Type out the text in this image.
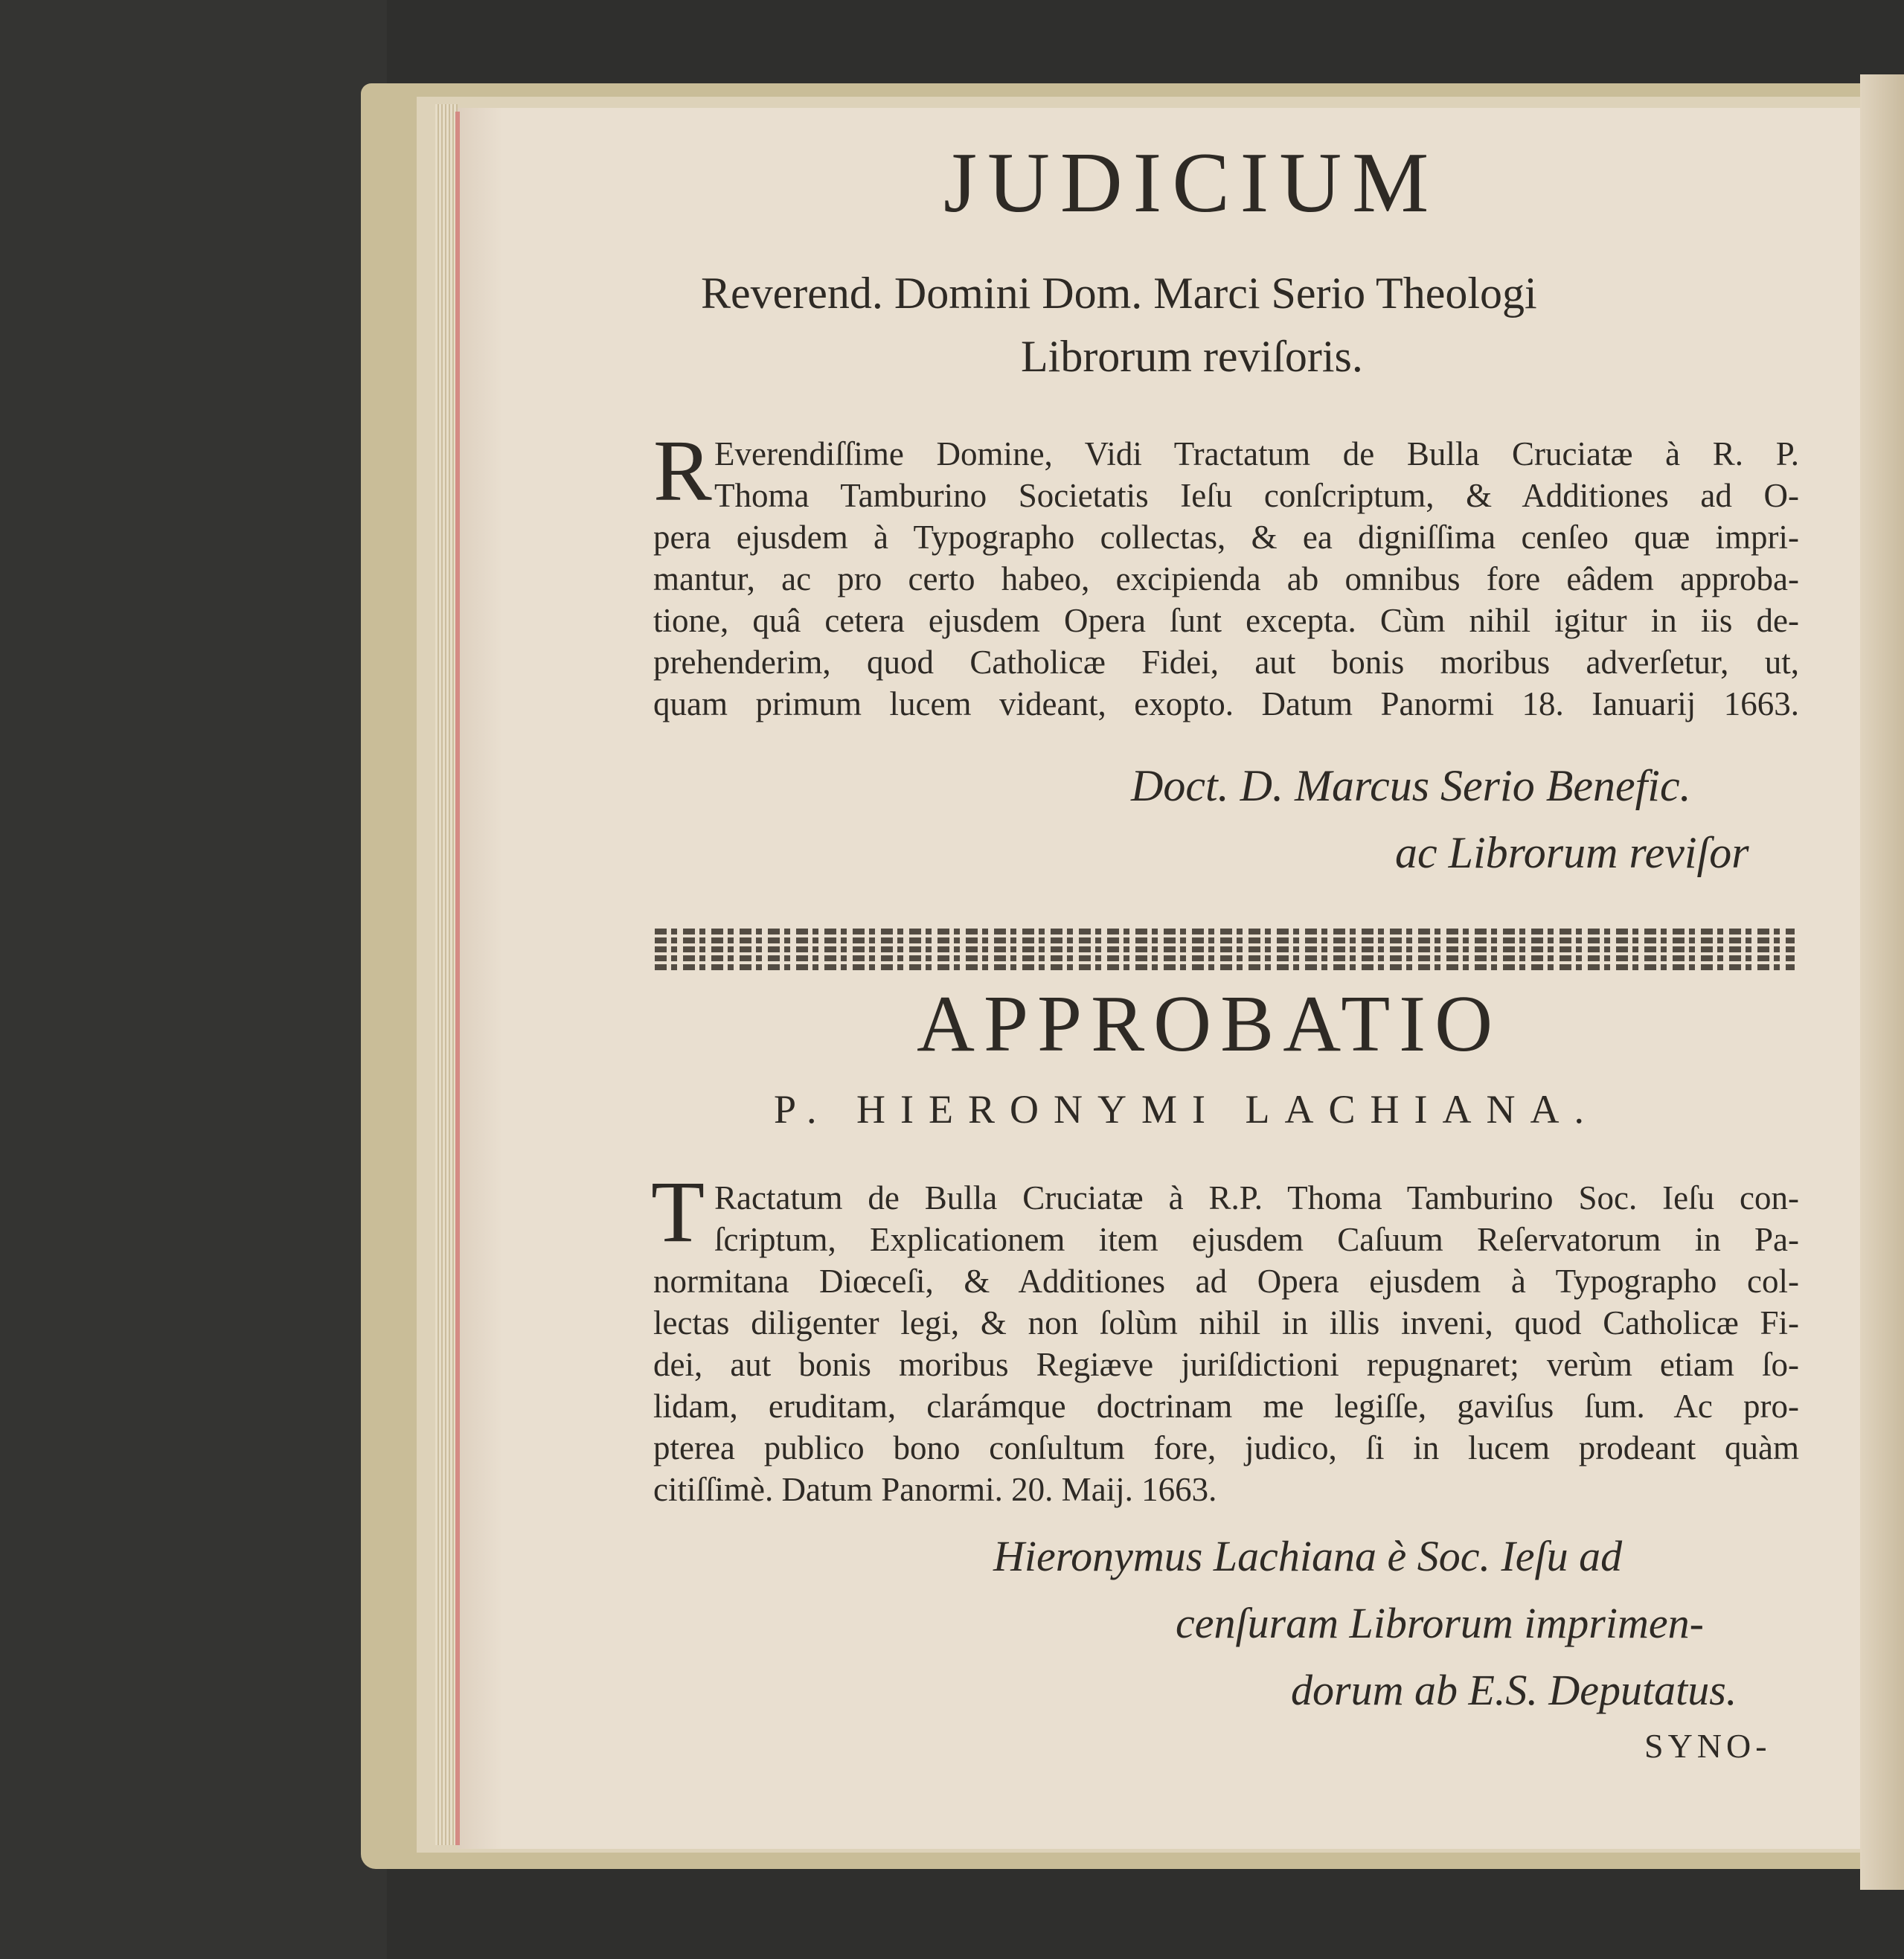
JUDICIUM
Reverend. Domini Dom. Marci Serio Theologi
Librorum reviſoris.
R Everendiſſime Domine, Vidi Tractatum de Bulla Cruciatæ à R. P.
Thoma Tamburino Societatis Ieſu conſcriptum, & Additiones ad O-
pera ejusdem à Typographo collectas, & ea digniſſima cenſeo quæ impri-
mantur, ac pro certo habeo, excipienda ab omnibus fore eâdem approba-
tione, quâ cetera ejusdem Opera ſunt excepta. Cùm nihil igitur in iis de-
prehenderim, quod Catholicæ Fidei, aut bonis moribus adverſetur, ut,
quam primum lucem videant, exopto. Datum Panormi 18. Ianuarij 1663.
Doct. D. Marcus Serio Benefic.
ac Librorum reviſor
APPROBATIO
P. HIERONYMI LACHIANA.
T Ractatum de Bulla Cruciatæ à R.P. Thoma Tamburino Soc. Ieſu con-
ſcriptum, Explicationem item ejusdem Caſuum Reſervatorum in Pa-
normitana Diœceſi, & Additiones ad Opera ejusdem à Typographo col-
lectas diligenter legi, & non ſolùm nihil in illis inveni, quod Catholicæ Fi-
dei, aut bonis moribus Regiæve juriſdictioni repugnaret; verùm etiam ſo-
lidam, eruditam, clarámque doctrinam me legiſſe, gaviſus ſum. Ac pro-
pterea publico bono conſultum fore, judico, ſi in lucem prodeant quàm
citiſſimè. Datum Panormi. 20. Maij. 1663.
Hieronymus Lachiana è Soc. Ieſu ad
cenſuram Librorum imprimen-
dorum ab E.S. Deputatus.
SYNO-
